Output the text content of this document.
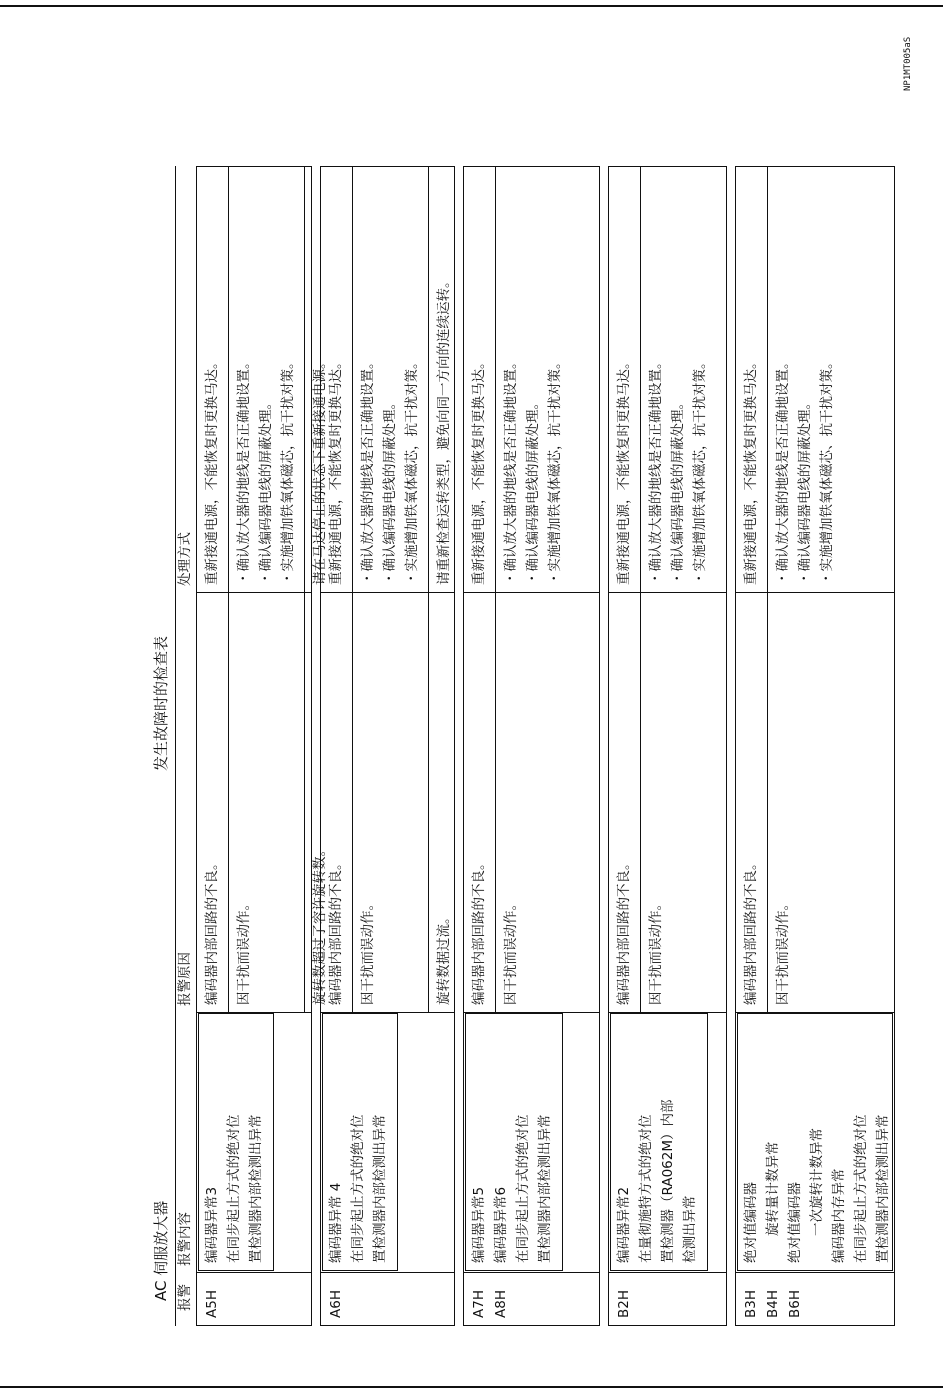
发生故障时的检查表
AC 伺服放大器
NP1MT005aS
报警
报警内容
报警原因
处理方式
A5H
编码器异常3 在同步起止方式的绝对位 置检测器内部检测出异常
编码器内部回路的不良。
重新接通电源，不能恢复时更换马达。
因干扰而误动作。
・确认放大器的地线是否正确地设置。 ・确认编码器电线的屏蔽处理。 ・实施增加铁氧体磁芯，抗干扰对策。
旋转数超过了容许旋转数。
请在马达停止的状态下重新接通电源。
A6H
编码器异常 4 在同步起止方式的绝对位 置检测器内部检测出异常
编码器内部回路的不良。
重新接通电源，不能恢复时更换马达。
因干扰而误动作。
・确认放大器的地线是否正确地设置。 ・确认编码器电线的屏蔽处理。 ・实施增加铁氧体磁芯，抗干扰对策。
旋转数据过流。
请重新检查运转类型，避免向同一方向的连续运转。
A7H A8H
编码器异常5 编码器异常6 在同步起止方式的绝对位 置检测器内部检测出异常
编码器内部回路的不良。
重新接通电源，不能恢复时更换马达。
因干扰而误动作。
・确认放大器的地线是否正确地设置。 ・确认编码器电线的屏蔽处理。 ・实施增加铁氧体磁芯，抗干扰对策。
B2H
编码器异常2 在量彻施特方式的绝对位 置检测器（RA062M）内部 检测出异常
编码器内部回路的不良。
重新接通电源，不能恢复时更换马达。
因干扰而误动作。
・确认放大器的地线是否正确地设置。 ・确认编码器电线的屏蔽处理。 ・实施增加铁氧体磁芯，抗干扰对策。
B3H B4H B6H
绝对值编码器 　　旋转量计数异常 绝对值编码器 　　一次旋转计数异常 编码器内存异常 在同步起止方式的绝对位 置检测器内部检测出异常
编码器内部回路的不良。
重新接通电源，不能恢复时更换马达。
因干扰而误动作。
・确认放大器的地线是否正确地设置。 ・确认编码器电线的屏蔽处理。 ・实施增加铁氧体磁芯、抗干扰对策。
